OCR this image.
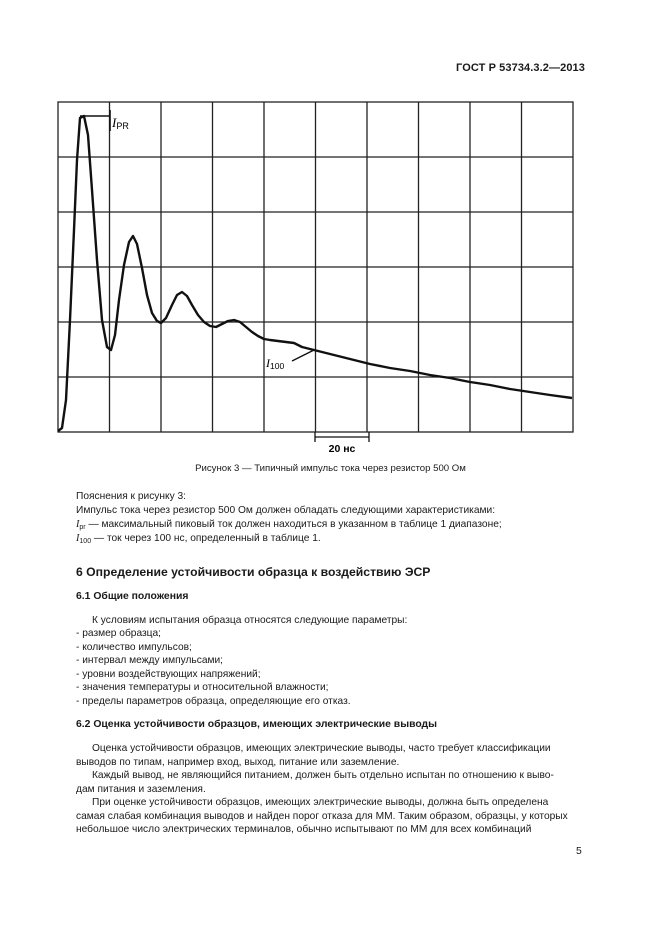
ГОСТ Р 53734.3.2—2013
IPR
I100
20 нс
Рисунок 3 — Типичный импульс тока через резистор 500 Ом
Пояснения к рисунку 3:
Импульс тока через резистор 500 Ом должен обладать следующими характеристиками:
$I_{pr}$ — максимальный пиковый ток должен находиться в указанном в таблице 1 диапазоне;
$I_{100}$ — ток через 100 нс, определенный в таблице 1.
6 Определение устойчивости образца к воздействию ЭСР
6.1 Общие положения
К условиям испытания образца относятся следующие параметры:
- размер образца;
- количество импульсов;
- интервал между импульсами;
- уровни воздействующих напряжений;
- значения температуры и относительной влажности;
- пределы параметров образца, определяющие его отказ.
6.2 Оценка устойчивости образцов, имеющих электрические выводы
Оценка устойчивости образцов, имеющих электрические выводы, часто требует классификации
выводов по типам, например вход, выход, питание или заземление.
Каждый вывод, не являющийся питанием, должен быть отдельно испытан по отношению к выво-
дам питания и заземления.
При оценке устойчивости образцов, имеющих электрические выводы, должна быть определена
самая слабая комбинация выводов и найден порог отказа для ММ. Таким образом, образцы, у которых
небольшое число электрических терминалов, обычно испытывают по ММ для всех комбинаций
5
